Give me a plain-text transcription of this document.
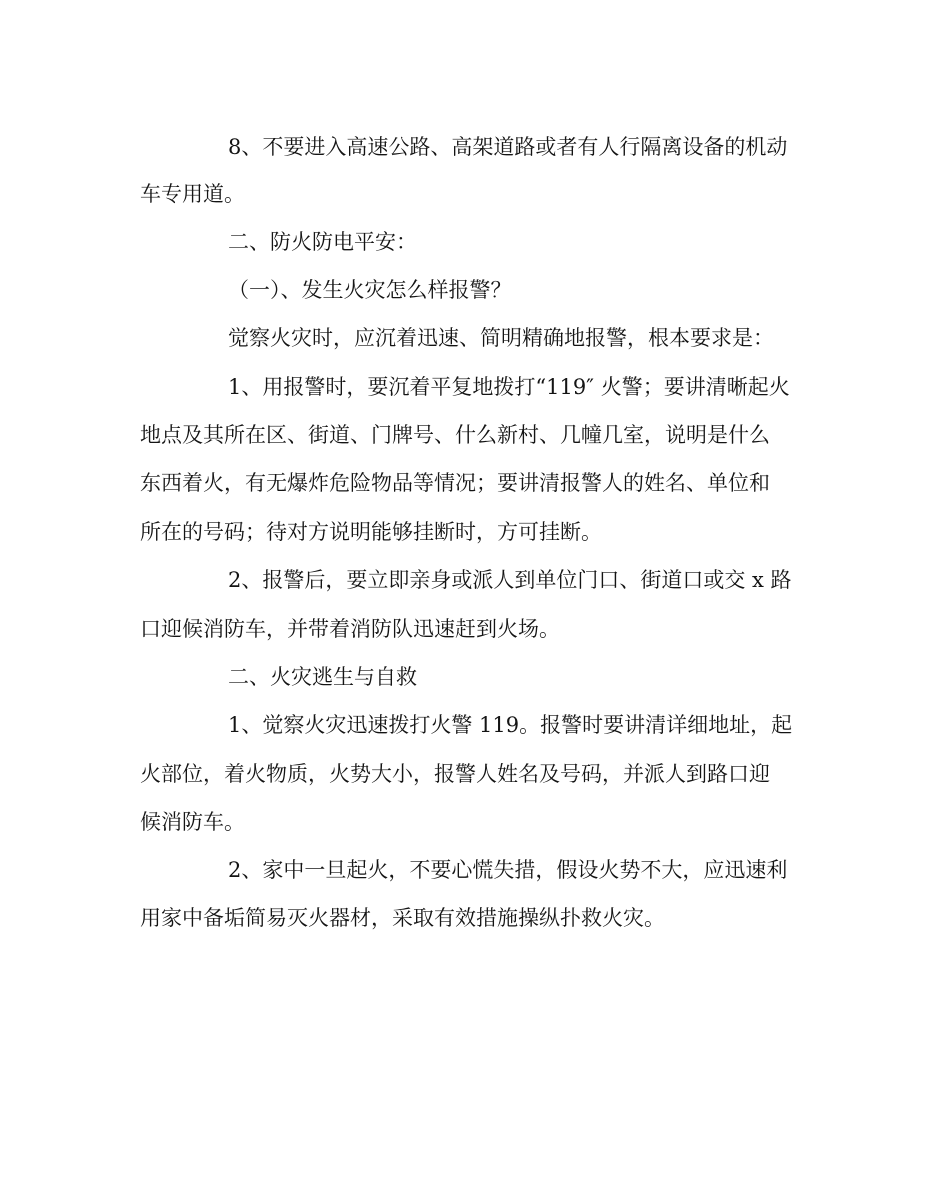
8、不要进入高速公路、高架道路或者有人行隔离设备的机动

车专用道。

二、防火防电平安：

（一）、发生火灾怎么样报警？

觉察火灾时，应沉着迅速、简明精确地报警，根本要求是：

1、用报警时，要沉着平复地拨打“119″ 火警；要讲清晰起火

地点及其所在区、街道、门牌号、什么新村、几幢几室，说明是什么

东西着火，有无爆炸危险物品等情况；要讲清报警人的姓名、单位和

所在的号码；待对方说明能够挂断时，方可挂断。

2、报警后，要立即亲身或派人到单位门口、街道口或交 x 路

口迎候消防车，并带着消防队迅速赶到火场。

二、火灾逃生与自救

1、觉察火灾迅速拨打火警 119。报警时要讲清详细地址，起

火部位，着火物质，火势大小，报警人姓名及号码，并派人到路口迎

候消防车。

2、家中一旦起火，不要心慌失措，假设火势不大，应迅速利

用家中备垢简易灭火器材，采取有效措施操纵扑救火灾。
